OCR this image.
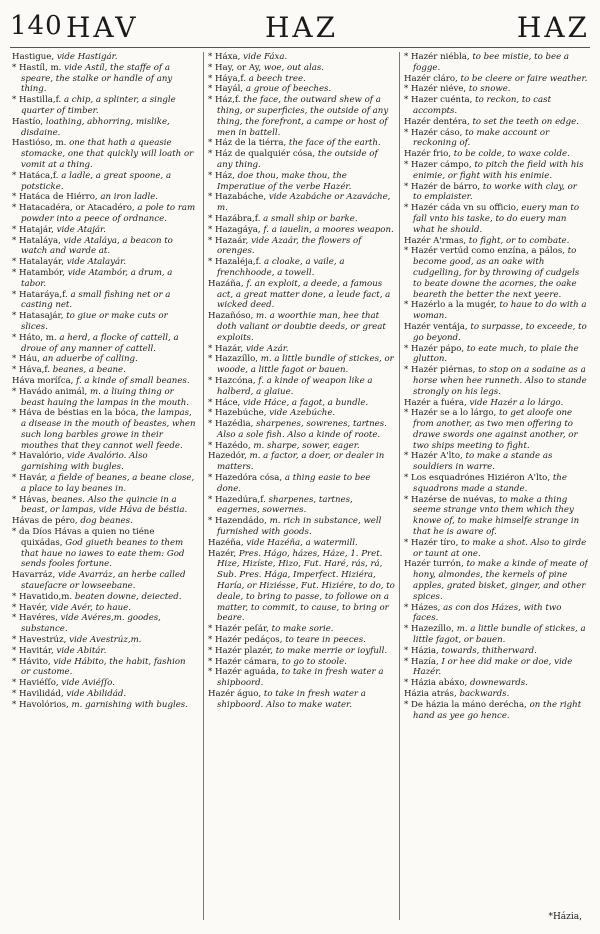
140 HAV	HAZ	HAZ

Hastigue, vide Hastigár.

* Hastíl, m. vide Astíl, the staffe of a speare, the stalke or handle of any thing.

* Hastilla,f. a chip, a splinter, a single quarter of timber.

Hastío, loathing, abhorring, mislike, disdaine.

Hastióso, m. one that hath a queasie stomacke, one that quickly will loath or vomit at a thing.

* Hatáca,f. a ladle, a great spoone, a potsticke.

* Hatáca de Hiérro, an iron ladle.

* Hatacadéra, or Atacadéro, a pole to ram powder into a peece of ordnance.

* Hatajár, vide Atajár.

* Hataláya, vide Ataláya, a beacon to watch and warde at.

* Hatalayár, vide Atalayár.

* Hatambór, vide Atambór, a drum, a tabor.

* Hataráya,f. a small fishing net or a casting net.

* Hatasajár, to giue or make cuts or slices.

* Háto, m. a herd, a flocke of cattell, a droue of any manner of cattell.

* Háu, an aduerbe of calling.

* Háva,f. beanes, a beane.

Háva moríſca, f. a kinde of small beanes.

* Havádo animál, m. a liuing thing or beast hauing the lampas in the mouth.

* Háva de béstias en la bóca, the lampas, a disease in the mouth of beastes, when such long barbles growe in their mouthes that they cannot well feede.

* Havalório, vide Avalório. Also garnishing with bugles.

* Havár, a fielde of beanes, a beane close, a place to lay beanes in.

* Hávas, beanes. Also the quincie in a beast, or lampas, vide Háva de béstia.

Hávas de péro, dog beanes.

* da Díos Hávas a quien no tiéne quixádas, God giueth beanes to them that haue no iawes to eate them: God sends fooles fortune.

Havarráz, vide Avarráz, an herbe called staueſacre or lowseebane.

* Havatido,m. beaten downe, deiected.

* Havér, vide Avér, to haue.

* Havéres, vide Avéres,m. goodes, substance.

* Havestrúz, vide Avestrúz,m.

* Havitár, vide Abitár.

* Hávito, vide Hábito, the habit, fashion or custome.

* Haviéſſo, vide Aviéſſo.

* Havilidád, vide Abilidád.

* Havolórios, m. garnishing with bugles.

* Háxa, vide Fáxa.

* Hay, or Ay, woe, out alas.

* Háya,f. a beech tree.

* Hayál, a groue of beeches.

* Ház,f. the face, the outward shew of a thing, or superficies, the outside of any thing, the forefront, a campe or host of men in battell.

* Ház de la tiérra, the face of the earth.

* Ház de qualquiér cósa, the outside of any thing.

* Ház, doe thou, make thou, the Imperatiue of the verbe Hazér.

* Hazabáche, vide Azabáche or Azaváche, m.

* Hazábra,f. a small ship or barke.

* Hazagáya, f. a iauelin, a moores weapon.

* Hazaár, vide Azaár, the flowers of orenges.

* Hazaléja,f. a cloake, a vaile, a frenchhoode, a towell.

Hazáña, f. an exploit, a deede, a famous act, a great matter done, a leude fact, a wicked deed.

Hazañóso, m. a woorthie man, hee that doth valiant or doubtie deeds, or great exploits.

* Hazár, vide Azár.

* Hazazíllo, m. a little bundle of stickes, or woode, a little fagot or bauen.

* Hazcóna, f. a kinde of weapon like a halberd, a glaiue.

* Háce, vide Háce, a fagot, a bundle.

* Hazebúche, vide Azebúche.

* Hazédia, sharpenes, sowrenes, tartnes. Also a sole fish. Also a kinde of roote.

* Hazédo, m. sharpe, sower, eager.

Hazedór, m. a factor, a doer, or dealer in matters.

* Hazedóra cósa, a thing easie to bee done.

* Hazedúra,f. sharpenes, tartnes, eagernes, sowernes.

* Hazendádo, m. rich in substance, well furnished with goods.

Hazéña, vide Hazéña, a watermill.

Hazér, Pres. Hágo, házes, Háze, 1. Pret. Hize, Hizíste, Hizo, Fut. Haré, rás, rá, Sub. Pres. Hága, Imperfect. Hiziéra, Haría, or Hiziésse, Fut. Hiziére, to do, to deale, to bring to passe, to followe on a matter, to commit, to cause, to bring or beare.

* Hazér peſár, to make sorie.

* Hazér pedáços, to teare in peeces.

* Hazér plazér, to make merrie or ioyfull.

* Hazér cámara, to go to stoole.

* Hazér aguáda, to take in fresh water a shipboord.

Hazér águo, to take in fresh water a shipboord. Also to make water.

* Hazér niébla, to bee mistie, to bee a fogge.

Hazér cláro, to be cleere or faire weather.

* Hazér niéve, to snowe.

* Hazer cuénta, to reckon, to cast accompts.

Hazér dentéra, to set the teeth on edge.

* Hazér cáso, to make account or reckoning of.

Hazér frio, to be colde, to waxe colde.

* Hazer cámpo, to pitch the field with his enimie, or fight with his enimie.

* Hazér de bárro, to worke with clay, or to emplaister.

* Hazér cáda vn su officio, euery man to fall vnto his taske, to do euery man what he should.

Hazér A'rmas, to fight, or to combate.

* Hazér vertúd como enzína, a pálos, to become good, as an oake with cudgelling, for by throwing of cudgels to beate downe the acornes, the oake beareth the better the next yeere.

* Hazérlo a la mugér, to haue to do with a woman.

Hazér ventája, to surpasse, to exceede, to go beyond.

* Hazér pápo, to eate much, to plaie the glutton.

* Hazér piérnas, to stop on a sodaine as a horse when hee runneth. Also to stande strongly on his legs.

Hazér a fuéra, vide Hazér a lo lárgo.

* Hazér se a lo lárgo, to get aloofe one from another, as two men offering to drawe swords one against another, or two ships meeting to fight.

* Hazér A'lto, to make a stande as souldiers in warre.

* Los esquadrónes Hiziéron A'lto, the squadrons made a stande.

* Hazérse de nuévas, to make a thing seeme strange vnto them which they knowe of, to make himselfe strange in that he is aware of.

* Hazér tíro, to make a shot. Also to girde or taunt at one.

Hazér turrón, to make a kinde of meate of hony, almondes, the kernels of pine apples, grated bisket, ginger, and other spices.

* Házes, as con dos Házes, with two faces.

* Hazezíllo, m. a little bundle of stickes, a little fagot, or bauen.

* Házia, towards, thitherward.

* Hazía, I or hee did make or doe, vide Hazér.

* Házia abáxo, downewards.

Házia atrás, backwards.

* De házia la máno deréchа, on the right hand as yee go hence.

*Házia,
